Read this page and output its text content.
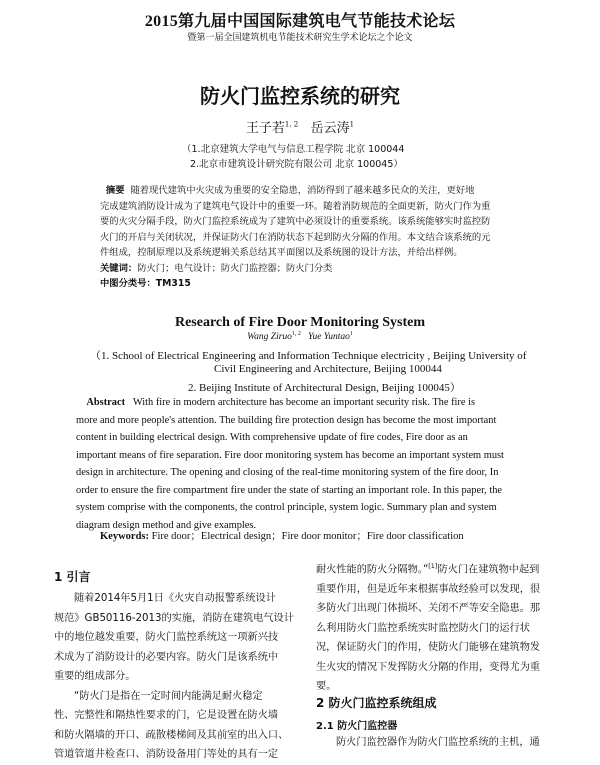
2015第九届中国国际建筑电气节能技术论坛
暨第一届全国建筑机电节能技术研究生学术论坛之个论文
防火门监控系统的研究
王子若$^{1, 2}$ 岳云涛$^1$
（1.北京建筑大学电气与信息工程学院 北京 100044
2.北京市建筑设计研究院有限公司 北京 100045）
摘要 随着现代建筑中火灾成为重要的安全隐患，消防得到了越来越多民众的关注，更好地
完成建筑消防设计成为了建筑电气设计中的重要一环。随着消防规范的全面更新，防火门作为重
要的火灾分隔手段，防火门监控系统成为了建筑中必须设计的重要系统。该系统能够实时监控防
火门的开启与关闭状况，并保证防火门在消防状态下起到防火分隔的作用。本文结合该系统的元
件组成，控制原理以及系统逻辑关系总结其平面图以及系统图的设计方法，并给出样例。
关键词：防火门；电气设计；防火门监控器；防火门分类
中图分类号：TM315
Research of Fire Door Monitoring System
Wang Ziruo$^{1, 2}$ Yue Yuntao$^1$
（1. School of Electrical Engineering and Information Technique electricity , Beijing University of
Civil Engineering and Architecture, Beijing 100044
2. Beijing Institute of Architectural Design, Beijing 100045）
Abstract With fire in modern architecture has become an important security risk. The fire is
more and more people's attention. The building fire protection design has become the most important
content in building electrical design. With comprehensive update of fire codes, Fire door as an
important means of fire separation. Fire door monitoring system has become an important system must
design in architecture. The opening and closing of the real-time monitoring system of the fire door, In
order to ensure the fire compartment fire under the state of starting an important role. In this paper, the
system comprise with the components, the control principle, system logic. Summary plan and system
diagram design method and give examples.
Keywords: Fire door；Electrical design；Fire door monitor；Fire door classification
1 引言
随着2014年5月1日《火灾自动报警系统设计
规范》GB50116-2013的实施，消防在建筑电气设计
中的地位越发重要，防火门监控系统这一项新兴技
术成为了消防设计的必要内容。防火门是该系统中
重要的组成部分。
“防火门是指在一定时间内能满足耐火稳定
性、完整性和隔热性要求的门，它是设置在防火墙
和防火隔墙的开口、疏散楼梯间及其前室的出入口、
管道管道井检查口、消防设备用门等处的具有一定
耐火性能的防火分隔物。”[1]防火门在建筑物中起到
重要作用，但是近年来根据事故经验可以发现，很
多防火门出现门体损坏、关闭不严等安全隐患。那
么利用防火门监控系统实时监控防火门的运行状
况，保证防火门的作用，使防火门能够在建筑物发
生火灾的情况下发挥防火分隔的作用，变得尤为重
要。
2 防火门监控系统组成
2.1 防火门监控器
防火门监控器作为防火门监控系统的主机，通
